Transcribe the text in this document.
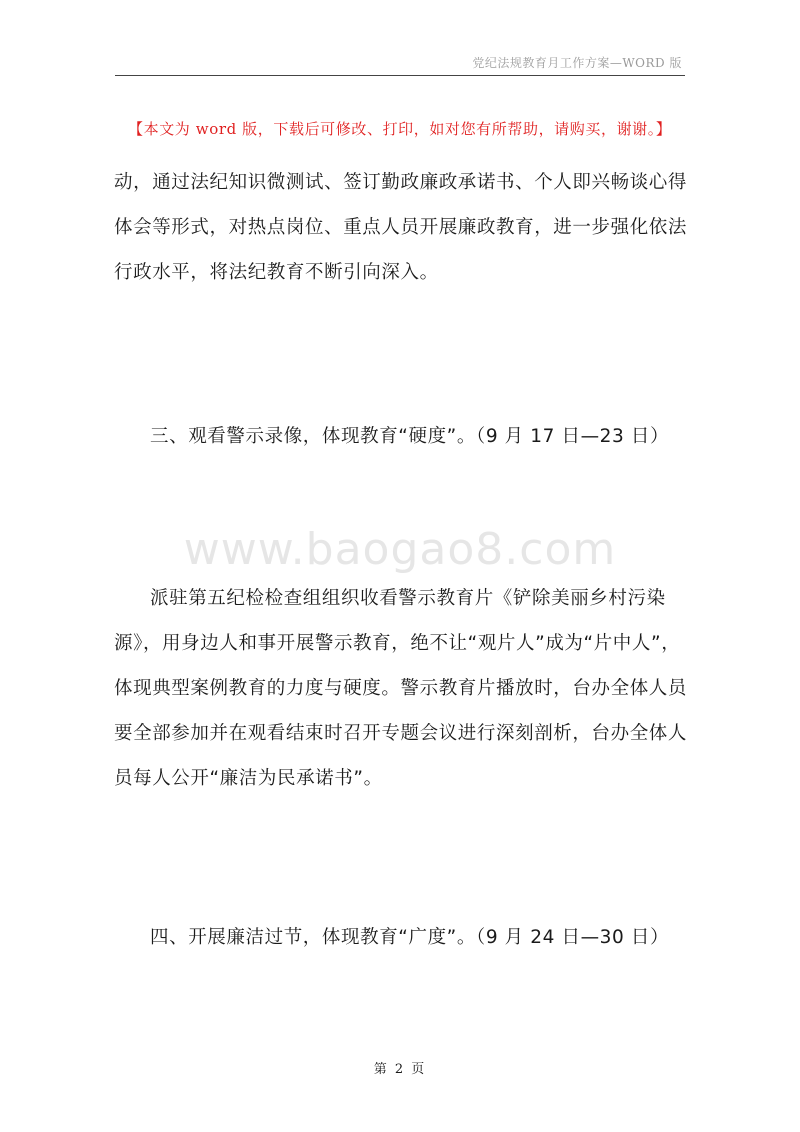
党纪法规教育月工作方案—WORD 版
【本文为 word 版，下载后可修改、打印，如对您有所帮助，请购买，谢谢。】
动，通过法纪知识微测试、签订勤政廉政承诺书、个人即兴畅谈心得
体会等形式，对热点岗位、重点人员开展廉政教育，进一步强化依法
行政水平，将法纪教育不断引向深入。
三、观看警示录像，体现教育“硬度”。（9 月 17 日—23 日）
www.baogao8.com
派驻第五纪检检查组组织收看警示教育片《铲除美丽乡村污染
源》，用身边人和事开展警示教育，绝不让“观片人”成为“片中人”，
体现典型案例教育的力度与硬度。警示教育片播放时，台办全体人员
要全部参加并在观看结束时召开专题会议进行深刻剖析，台办全体人
员每人公开“廉洁为民承诺书”。
四、开展廉洁过节，体现教育“广度”。（9 月 24 日—30 日）
第 2 页
